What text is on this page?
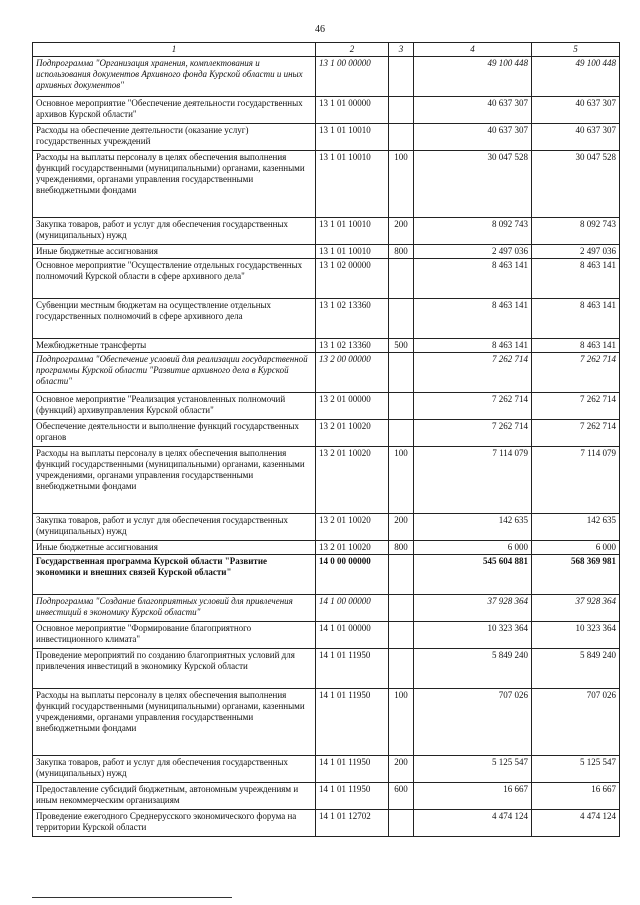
46
1	2	3	4	5
Подпрограмма "Организация хранения, комплектования и использования документов Архивного фонда Курской области и иных архивных документов"	13 1 00 00000		49 100 448	49 100 448
Основное мероприятие "Обеспечение деятельности государственных архивов Курской области"	13 1 01 00000		40 637 307	40 637 307
Расходы на обеспечение деятельности (оказание услуг) государственных учреждений	13 1 01 10010		40 637 307	40 637 307
Расходы на выплаты персоналу в целях обеспечения выполнения функций государственными (муниципальными) органами, казенными учреждениями, органами управления государственными внебюджетными фондами	13 1 01 10010	100	30 047 528	30 047 528
Закупка товаров, работ и услуг для обеспечения государственных (муниципальных) нужд	13 1 01 10010	200	8 092 743	8 092 743
Иные бюджетные ассигнования	13 1 01 10010	800	2 497 036	2 497 036
Основное мероприятие "Осуществление отдельных государственных полномочий Курской области в сфере архивного дела"	13 1 02 00000		8 463 141	8 463 141
Субвенции местным бюджетам на осуществление отдельных государственных полномочий в сфере архивного дела	13 1 02 13360		8 463 141	8 463 141
Межбюджетные трансферты	13 1 02 13360	500	8 463 141	8 463 141
Подпрограмма "Обеспечение условий для реализации государственной программы Курской области "Развитие архивного дела в Курской области"	13 2 00 00000		7 262 714	7 262 714
Основное мероприятие "Реализация установленных полномочий (функций) архивуправления Курской области"	13 2 01 00000		7 262 714	7 262 714
Обеспечение деятельности и выполнение функций государственных органов	13 2 01 10020		7 262 714	7 262 714
Расходы на выплаты персоналу в целях обеспечения выполнения функций государственными (муниципальными) органами, казенными учреждениями, органами управления государственными внебюджетными фондами	13 2 01 10020	100	7 114 079	7 114 079
Закупка товаров, работ и услуг для обеспечения государственных (муниципальных) нужд	13 2 01 10020	200	142 635	142 635
Иные бюджетные ассигнования	13 2 01 10020	800	6 000	6 000
Государственная программа Курской области "Развитие экономики и внешних связей Курской области"	14 0 00 00000		545 604 881	568 369 981
Подпрограмма "Создание благоприятных условий для привлечения инвестиций в экономику Курской области"	14 1 00 00000		37 928 364	37 928 364
Основное мероприятие "Формирование благоприятного инвестиционного климата"	14 1 01 00000		10 323 364	10 323 364
Проведение мероприятий по созданию благоприятных условий для привлечения инвестиций в экономику Курской области	14 1 01 11950		5 849 240	5 849 240
Расходы на выплаты персоналу в целях обеспечения выполнения функций государственными (муниципальными) органами, казенными учреждениями, органами управления государственными внебюджетными фондами	14 1 01 11950	100	707 026	707 026
Закупка товаров, работ и услуг для обеспечения государственных (муниципальных) нужд	14 1 01 11950	200	5 125 547	5 125 547
Предоставление субсидий бюджетным, автономным учреждениям и иным некоммерческим организациям	14 1 01 11950	600	16 667	16 667
Проведение ежегодного Среднерусского экономического форума на территории Курской области	14 1 01 12702		4 474 124	4 474 124
